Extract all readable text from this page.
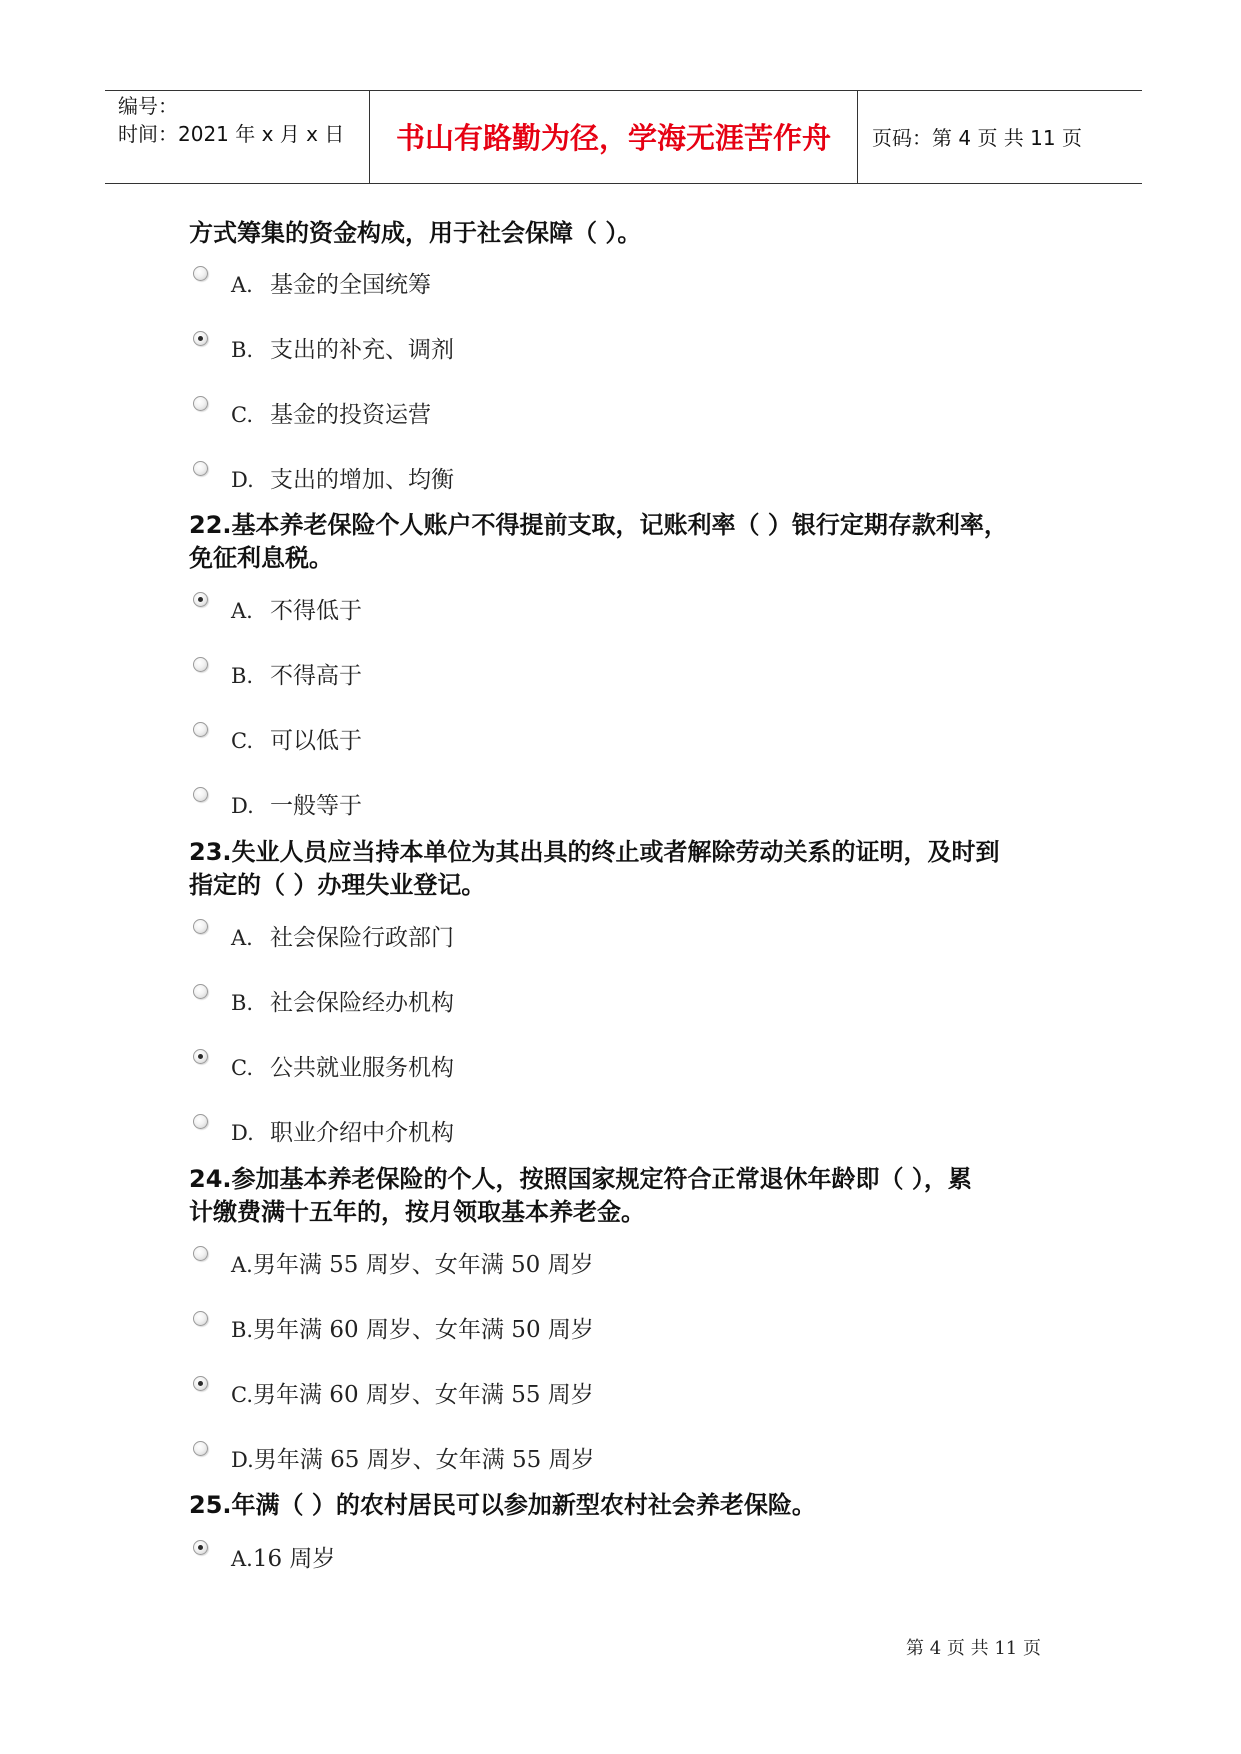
编号：
时间：2021 年 x 月 x 日	书山有路勤为径，学海无涯苦作舟	页码：第 4 页 共 11 页
方式筹集的资金构成，用于社会保障（ ）。
A. 基金的全国统筹
B. 支出的补充、调剂
C. 基金的投资运营
D. 支出的增加、均衡
22.基本养老保险个人账户不得提前支取，记账利率（ ）银行定期存款利率，
免征利息税。
A. 不得低于
B. 不得高于
C. 可以低于
D. 一般等于
23.失业人员应当持本单位为其出具的终止或者解除劳动关系的证明，及时到
指定的（ ）办理失业登记。
A. 社会保险行政部门
B. 社会保险经办机构
C. 公共就业服务机构
D. 职业介绍中介机构
24.参加基本养老保险的个人，按照国家规定符合正常退休年龄即（ ），累
计缴费满十五年的，按月领取基本养老金。
A.男年满 55 周岁、女年满 50 周岁
B.男年满 60 周岁、女年满 50 周岁
C.男年满 60 周岁、女年满 55 周岁
D.男年满 65 周岁、女年满 55 周岁
25.年满（ ）的农村居民可以参加新型农村社会养老保险。
A.16 周岁
第 4 页 共 11 页
